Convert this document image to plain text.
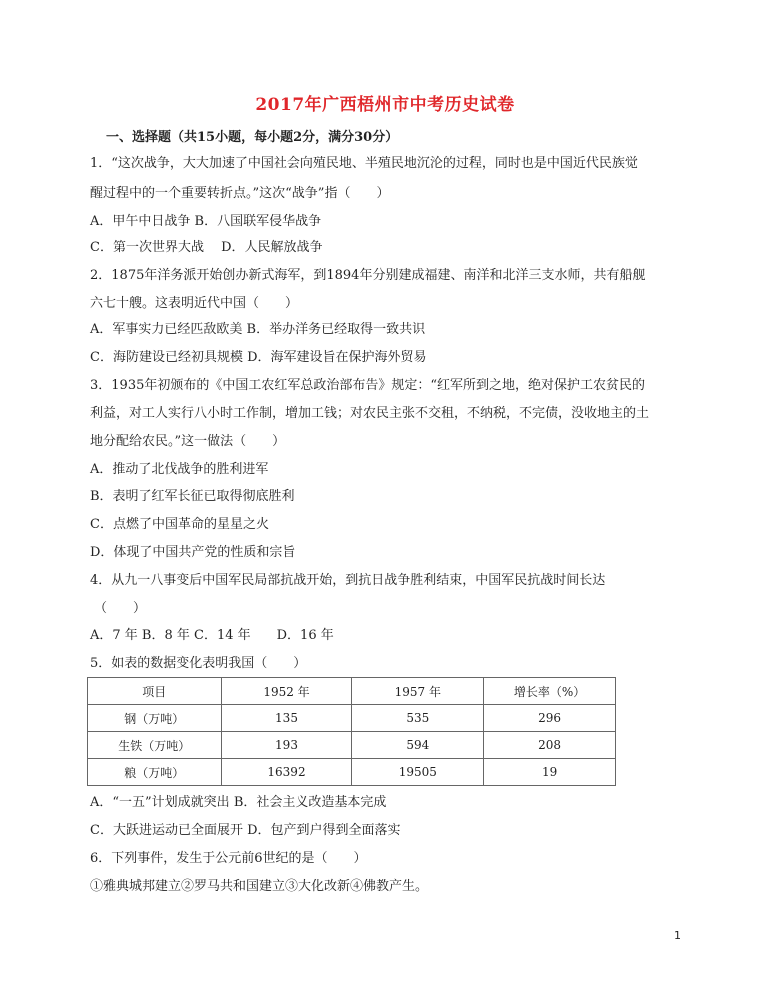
2017年广西梧州市中考历史试卷
一、选择题（共15小题，每小题2分，满分30分）
1．“这次战争，大大加速了中国社会向殖民地、半殖民地沉沦的过程，同时也是中国近代民族觉
醒过程中的一个重要转折点。”这次“战争”指（　　）
A．甲午中日战争 B．八国联军侵华战争
C．第一次世界大战　 D．人民解放战争
2．1875年洋务派开始创办新式海军，到1894年分别建成福建、南洋和北洋三支水师，共有船舰
六七十艘。这表明近代中国（　　）
A．军事实力已经匹敌欧美 B．举办洋务已经取得一致共识
C．海防建设已经初具规模 D．海军建设旨在保护海外贸易
3．1935年初颁布的《中国工农红军总政治部布告》规定：“红军所到之地，绝对保护工农贫民的
利益，对工人实行八小时工作制，增加工钱；对农民主张不交租，不纳税，不完债，没收地主的土
地分配给农民。”这一做法（　　）
A．推动了北伐战争的胜利进军
B．表明了红军长征已取得彻底胜利
C．点燃了中国革命的星星之火
D．体现了中国共产党的性质和宗旨
4．从九一八事变后中国军民局部抗战开始，到抗日战争胜利结束，中国军民抗战时间长达
（　　）
A．7 年 B．8 年 C．14 年　　D．16 年
5．如表的数据变化表明我国（　　）
项目	1952 年	1957 年	增长率（%）
钢（万吨）	135	535	296
生铁（万吨）	193	594	208
粮（万吨）	16392	19505	19
A．“一五”计划成就突出 B．社会主义改造基本完成
C．大跃进运动已全面展开 D．包产到户得到全面落实
6．下列事件，发生于公元前6世纪的是（　　）
①雅典城邦建立②罗马共和国建立③大化改新④佛教产生。
1
